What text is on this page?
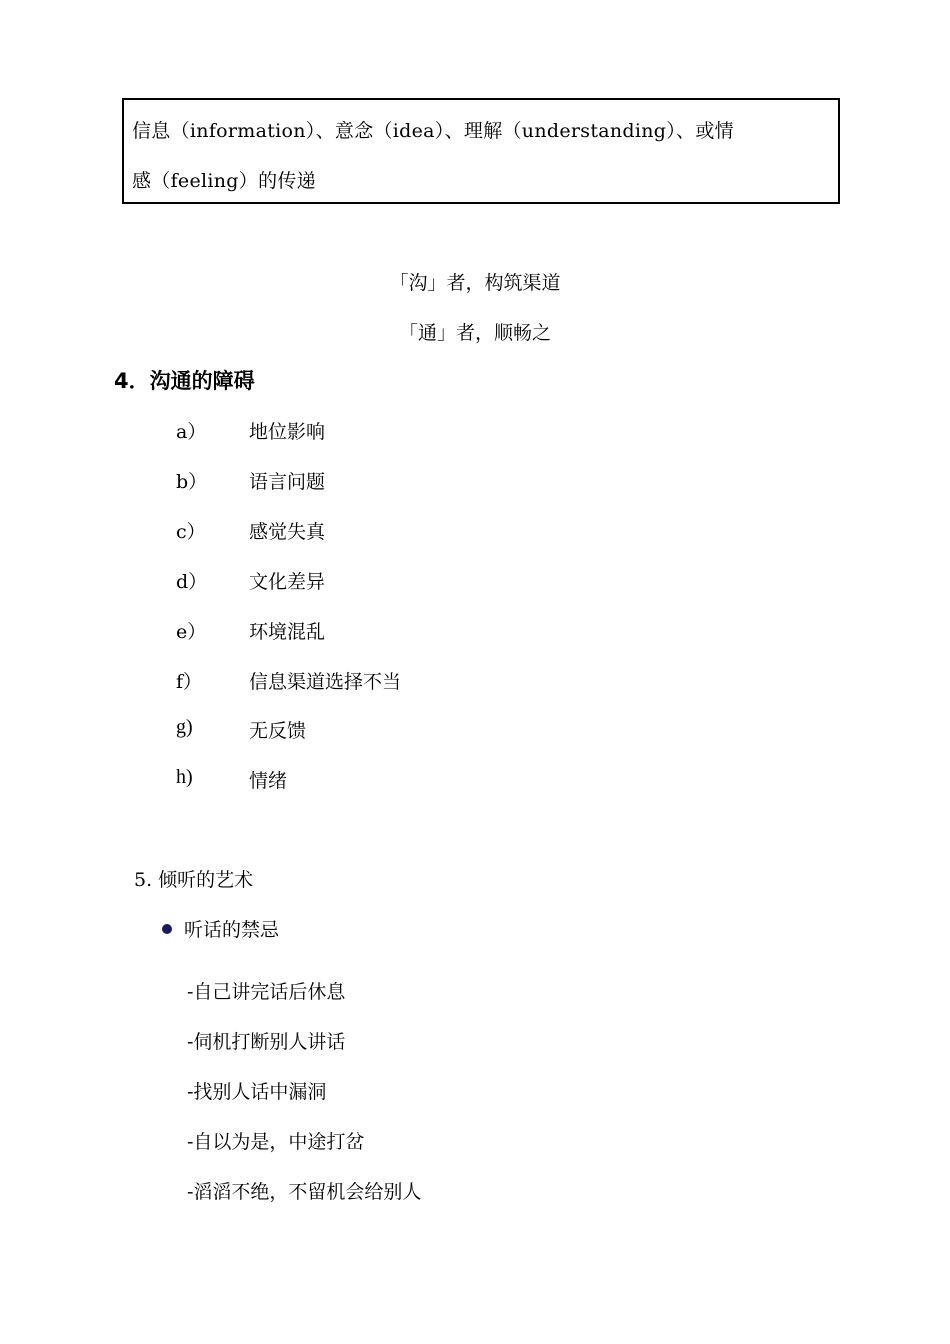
信息（information）、意念（idea）、理解（understanding）、或情
感（feeling）的传递
「沟」者，构筑渠道
「通」者，顺畅之
4．沟通的障碍
a） 地位影响
b） 语言问题
c） 感觉失真
d） 文化差异
e） 环境混乱
f） 信息渠道选择不当
g)	无反馈
h)	情绪
5. 倾听的艺术
听话的禁忌
-自己讲完话后休息
-伺机打断别人讲话
-找别人话中漏洞
-自以为是，中途打岔
-滔滔不绝，不留机会给别人
